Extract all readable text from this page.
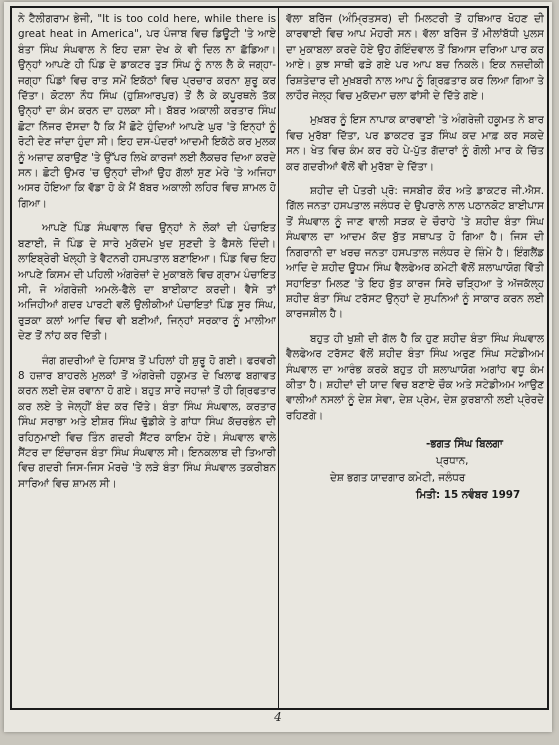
ਨੇ ਟੈਲੀਗਰਾਮ ਭੇਜੀ, "It is too cold here, while there is great heat in America", ਪਰ ਪੰਜਾਬ ਵਿਚ ਡਿਊਟੀ 'ਤੇ ਆਏ ਬੰਤਾ ਸਿੰਘ ਸੰਘਵਾਲ ਨੇ ਇਹ ਦਸ਼ਾ ਦੇਖ ਕੇ ਵੀ ਦਿਲ ਨਾ ਛੱਡਿਆ। ਉਨ੍ਹਾਂ ਆਪਣੇ ਹੀ ਪਿੰਡ ਦੇ ਡਾਕਟਰ ਤੁੜ ਸਿੰਘ ਨੂੰ ਨਾਲ ਲੈ ਕੇ ਜਗ੍ਹਾ-ਜਗ੍ਹਾ ਪਿੰਡਾਂ ਵਿਚ ਰਾਤ ਸਮੇਂ ਇਕੱਠਾਂ ਵਿਚ ਪ੍ਰਚਾਰ ਕਰਨਾ ਸ਼ੁਰੂ ਕਰ ਦਿੱਤਾ। ਕੋਟਲਾ ਨੌਧ ਸਿੰਘ (ਹੁਸ਼ਿਆਰਪੁਰ) ਤੋਂ ਲੈ ਕੇ ਕਪੂਰਥਲੇ ਤੱਕ ਉਨ੍ਹਾਂ ਦਾ ਕੰਮ ਕਰਨ ਦਾ ਹਲਕਾ ਸੀ। ਬੱਬਰ ਅਕਾਲੀ ਕਰਤਾਰ ਸਿੰਘ ਛੋਟਾ ਨਿੱਜਰ ਦੱਸਦਾ ਹੈ ਕਿ ਮੈਂ ਛੋਟੇ ਹੁੰਦਿਆਂ ਆਪਣੇ ਘੁਰ 'ਤੇ ਇਨ੍ਹਾਂ ਨੂੰ ਰੋਟੀ ਦੇਣ ਜਾਂਦਾ ਹੁੰਦਾ ਸੀ। ਇਹ ਦਸ-ਪੰਦਰਾਂ ਆਦਮੀ ਇਕੱਠੇ ਕਰ ਮੁਲਕ ਨੂੰ ਅਜ਼ਾਦ ਕਰਾਉਣ 'ਤੇ ਉੱਪਰ ਲਿਖੇ ਕਾਰਜਾਂ ਲਈ ਲੈਕਚਰ ਦਿਆ ਕਰਦੇ ਸਨ। ਛੋਟੀ ਉਮਰ 'ਚ ਉਨ੍ਹਾਂ ਦੀਆਂ ਉਹ ਗੱਲਾਂ ਸੁਣ ਮੇਰੇ 'ਤੇ ਅਜਿਹਾ ਅਸਰ ਹੋਇਆ ਕਿ ਵੱਡਾ ਹੋ ਕੇ ਮੈਂ ਬੱਬਰ ਅਕਾਲੀ ਲਹਿਰ ਵਿਚ ਸ਼ਾਮਲ ਹੋ ਗਿਆ।

ਆਪਣੇ ਪਿੰਡ ਸੰਘਵਾਲ ਵਿਚ ਉਨ੍ਹਾਂ ਨੇ ਲੋਕਾਂ ਦੀ ਪੰਚਾਇਤ ਬਣਾਈ, ਜੋ ਪਿੰਡ ਦੇ ਸਾਰੇ ਮੁਕੱਦਮੇ ਖੁਦ ਸੁਣਦੀ ਤੇ ਫੈਸਲੇ ਦਿੰਦੀ। ਲਾਇਬ੍ਰੇਰੀ ਖੋਲ੍ਹੀ ਤੇ ਵੈਟਨਰੀ ਹਸਪਤਾਲ ਬਣਾਇਆ। ਪਿੰਡ ਵਿਚ ਇਹ ਆਪਣੇ ਕਿਸਮ ਦੀ ਪਹਿਲੀ ਅੰਗਰੇਜ਼ਾਂ ਦੇ ਮੁਕਾਬਲੇ ਵਿਚ ਗ੍ਰਾਮ ਪੰਚਾਇਤ ਸੀ, ਜੋ ਅੰਗਰੇਜ਼ੀ ਅਮਲੇ-ਫੈਲੇ ਦਾ ਬਾਈਕਾਟ ਕਰਦੀ। ਵੈਸੇ ਤਾਂ ਅਜਿਹੀਆਂ ਗਦਰ ਪਾਰਟੀ ਵਲੋਂ ਉਲੀਕੀਆਂ ਪੰਚਾਇਤਾਂ ਪਿੰਡ ਸੂਰ ਸਿੰਘ, ਰੁੜਕਾ ਕਲਾਂ ਆਦਿ ਵਿਚ ਵੀ ਬਣੀਆਂ, ਜਿਨ੍ਹਾਂ ਸਰਕਾਰ ਨੂੰ ਮਾਲੀਆ ਦੇਣ ਤੋਂ ਨਾਂਹ ਕਰ ਦਿੱਤੀ।

ਜੰਗ ਗਦਰੀਆਂ ਦੇ ਹਿਸਾਬ ਤੋਂ ਪਹਿਲਾਂ ਹੀ ਸ਼ੁਰੂ ਹੋ ਗਈ। ਫਰਵਰੀ 8 ਹਜ਼ਾਰ ਬਾਹਰਲੇ ਮੁਲਕਾਂ ਤੋਂ ਅੰਗਰੇਜ਼ੀ ਹਕੂਮਤ ਦੇ ਖਿਲਾਫ ਬਗਾਵਤ ਕਰਨ ਲਈ ਦੇਸ਼ ਰਵਾਨਾ ਹੋ ਗਏ। ਬਹੁਤ ਸਾਰੇ ਜਹਾਜ਼ਾਂ ਤੋਂ ਹੀ ਗ੍ਰਿਫਤਾਰ ਕਰ ਲਏ ਤੇ ਜੇਲ੍ਹੀਂ ਬੰਦ ਕਰ ਦਿੱਤੇ। ਬੰਤਾ ਸਿੰਘ ਸੰਘਵਾਲ, ਕਰਤਾਰ ਸਿੰਘ ਸਰਾਭਾ ਅਤੇ ਈਸ਼ਰ ਸਿੰਘ ਢੁੱਡੀਕੇ ਤੇ ਗਾਂਧਾ ਸਿੰਘ ਕੱਚਰਭੰਨ ਦੀ ਰਹਿਨੁਮਾਈ ਵਿਚ ਤਿੰਨ ਗਦਰੀ ਸੈਂਟਰ ਕਾਇਮ ਹੋਏ। ਸੰਘਵਾਲ ਵਾਲੇ ਸੈਂਟਰ ਦਾ ਇੰਚਾਰਜ ਬੰਤਾ ਸਿੰਘ ਸੰਘਵਾਲ ਸੀ। ਇਨਕਲਾਬ ਦੀ ਤਿਆਰੀ ਵਿਚ ਗਦਰੀ ਜਿਸ-ਜਿਸ ਮੋਰਚੇ 'ਤੇ ਲੜੇ ਬੰਤਾ ਸਿੰਘ ਸੰਘਵਾਲ ਤਕਰੀਬਨ ਸਾਰਿਆਂ ਵਿਚ ਸ਼ਾਮਲ ਸੀ।

ਵੱਲਾ ਬਰਿੱਜ (ਅੰਮ੍ਰਿਤਸਰ) ਦੀ ਮਿਲਟਰੀ ਤੋਂ ਹਥਿਆਰ ਖੋਹਣ ਦੀ ਕਾਰਵਾਈ ਵਿਚ ਆਪ ਮੋਹਰੀ ਸਨ। ਵੱਲਾ ਬਰਿੱਜ ਤੋਂ ਮੀਲਾਂਬੱਧੀ ਪੁਲਸ ਦਾ ਮੁਕਾਬਲਾ ਕਰਦੇ ਹੋਏ ਉਹ ਗੋਇੰਦਵਾਲ ਤੋਂ ਬਿਆਸ ਦਰਿਆ ਪਾਰ ਕਰ ਆਏ। ਕੁਝ ਸਾਥੀ ਫੜੇ ਗਏ ਪਰ ਆਪ ਬਚ ਨਿਕਲੇ। ਇਕ ਨਜ਼ਦੀਕੀ ਰਿਸ਼ਤੇਦਾਰ ਦੀ ਮੁਖ਼ਬਰੀ ਨਾਲ ਆਪ ਨੂੰ ਗ੍ਰਿਫ਼ਤਾਰ ਕਰ ਲਿਆ ਗਿਆ ਤੇ ਲਾਹੌਰ ਜੇਲ੍ਹ ਵਿਚ ਮੁਕੱਦਮਾ ਚਲਾ ਫਾਂਸੀ ਦੇ ਦਿੱਤੇ ਗਏ।

ਮੁਖ਼ਬਰ ਨੂੰ ਇਸ ਨਾਪਾਕ ਕਾਰਵਾਈ 'ਤੇ ਅੰਗਰੇਜ਼ੀ ਹਕੂਮਤ ਨੇ ਬਾਰ ਵਿਚ ਮੁਰੱਬਾ ਦਿੱਤਾ, ਪਰ ਡਾਕਟਰ ਤੁੜ ਸਿੰਘ ਕਦ ਮਾਫ਼ ਕਰ ਸਕਦੇ ਸਨ। ਖੇਤ ਵਿਚ ਕੰਮ ਕਰ ਰਹੇ ਪੇ-ਪੁੱਤ ਗੱਦਾਰਾਂ ਨੂੰ ਗੋਲੀ ਮਾਰ ਕੇ ਚਿੱਤ ਕਰ ਗਦਰੀਆਂ ਵੱਲੋਂ ਵੀ ਮੁਰੱਬਾ ਦੇ ਦਿੱਤਾ।

ਸ਼ਹੀਦ ਦੀ ਪੋਤਰੀ ਪ੍ਰੋ: ਜਸਬੀਰ ਕੌਰ ਅਤੇ ਡਾਕਟਰ ਜੀ.ਐਸ. ਗਿੱਲ ਜਨਤਾ ਹਸਪਤਾਲ ਜਲੰਧਰ ਦੇ ਉਪਰਾਲੇ ਨਾਲ ਪਠਾਨਕੋਟ ਬਾਈਪਾਸ ਤੋਂ ਸੰਘਵਾਲ ਨੂੰ ਜਾਣ ਵਾਲੀ ਸੜਕ ਦੇ ਚੌਰਾਹੇ 'ਤੇ ਸ਼ਹੀਦ ਬੰਤਾ ਸਿੰਘ ਸੰਘਵਾਲ ਦਾ ਆਦਮ ਕੱਦ ਬੁੱਤ ਸਥਾਪਤ ਹੋ ਗਿਆ ਹੈ। ਜਿਸ ਦੀ ਨਿਗਰਾਨੀ ਦਾ ਖਰਚ ਜਨਤਾ ਹਸਪਤਾਲ ਜਲੰਧਰ ਦੇ ਜ਼ਿੰਮੇ ਹੈ। ਇੰਗਲੈਂਡ ਆਦਿ ਦੇ ਸ਼ਹੀਦ ਊਧਮ ਸਿੰਘ ਵੈਲਫੇਅਰ ਕਮੇਟੀ ਵੱਲੋਂ ਸ਼ਲਾਘਾਯੋਗ ਵਿੱਤੀ ਸਹਾਇਤਾ ਮਿਲਣ 'ਤੇ ਇਹ ਬੁੱਤ ਕਾਰਜ ਸਿਰੇ ਚੜ੍ਹਿਆ ਤੇ ਅੱਜਕੱਲ੍ਹ ਸ਼ਹੀਦ ਬੰਤਾ ਸਿੰਘ ਟਰੱਸਟ ਉਨ੍ਹਾਂ ਦੇ ਸੁਪਨਿਆਂ ਨੂੰ ਸਾਕਾਰ ਕਰਨ ਲਈ ਕਾਰਜਸ਼ੀਲ ਹੈ।

ਬਹੁਤ ਹੀ ਖੁਸ਼ੀ ਦੀ ਗੱਲ ਹੈ ਕਿ ਹੁਣ ਸ਼ਹੀਦ ਬੰਤਾ ਸਿੰਘ ਸੰਘਵਾਲ ਵੈਲਫੇਅਰ ਟਰੱਸਟ ਵੱਲੋਂ ਸ਼ਹੀਦ ਬੰਤਾ ਸਿੰਘ ਅਰੁਣ ਸਿੰਘ ਸਟੇਡੀਅਮ ਸੰਘਵਾਲ ਦਾ ਆਰੰਭ ਕਰਕੇ ਬਹੁਤ ਹੀ ਸ਼ਲਾਘਾਯੋਗ ਅਗਾਂਹ ਵਧੂ ਕੰਮ ਕੀਤਾ ਹੈ। ਸ਼ਹੀਦਾਂ ਦੀ ਯਾਦ ਵਿਚ ਬਣਾਏ ਚੌਕ ਅਤੇ ਸਟੇਡੀਅਮ ਆਉਣ ਵਾਲੀਆਂ ਨਸਲਾਂ ਨੂੰ ਦੇਸ਼ ਸੇਵਾ, ਦੇਸ਼ ਪ੍ਰੇਮ, ਦੇਸ਼ ਕੁਰਬਾਨੀ ਲਈ ਪ੍ਰੇਰਦੇ ਰਹਿਣਗੇ।

-ਭਗਤ ਸਿੰਘ ਬਿਲਗਾ
ਪ੍ਰਧਾਨ,
ਦੇਸ਼ ਭਗਤ ਯਾਦਗਾਰ ਕਮੇਟੀ, ਜਲੰਧਰ
ਮਿਤੀ: 15 ਨਵੰਬਰ 1997
4
